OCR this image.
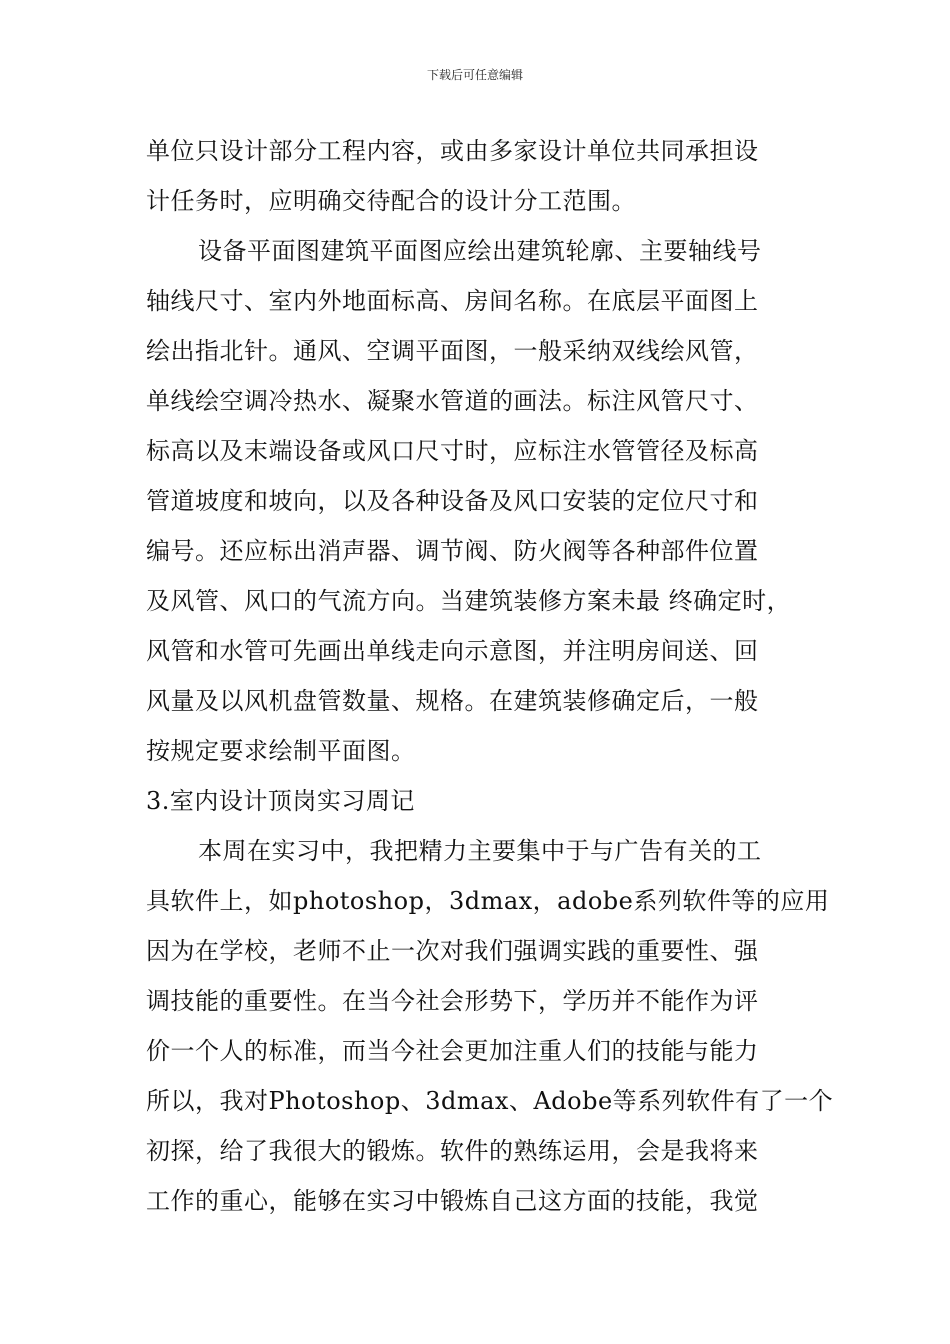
下载后可任意编辑
单位只设计部分工程内容，或由多家设计单位共同承担设
计任务时，应明确交待配合的设计分工范围。
设备平面图建筑平面图应绘出建筑轮廓、主要轴线号
轴线尺寸、室内外地面标高、房间名称。在底层平面图上
绘出指北针。通风、空调平面图，一般采纳双线绘风管，
单线绘空调冷热水、凝聚水管道的画法。标注风管尺寸、
标高以及末端设备或风口尺寸时，应标注水管管径及标高
管道坡度和坡向，以及各种设备及风口安装的定位尺寸和
编号。还应标出消声器、调节阀、防火阀等各种部件位置
及风管、风口的气流方向。当建筑装修方案未最 终确定时，
风管和水管可先画出单线走向示意图，并注明房间送、回
风量及以风机盘管数量、规格。在建筑装修确定后，一般
按规定要求绘制平面图。
3.室内设计顶岗实习周记
本周在实习中，我把精力主要集中于与广告有关的工
具软件上，如photoshop，3dmax，adobe系列软件等的应用
因为在学校，老师不止一次对我们强调实践的重要性、强
调技能的重要性。在当今社会形势下，学历并不能作为评
价一个人的标准，而当今社会更加注重人们的技能与能力
所以，我对Photoshop、3dmax、Adobe等系列软件有了一个
初探，给了我很大的锻炼。软件的熟练运用，会是我将来
工作的重心，能够在实习中锻炼自己这方面的技能，我觉
